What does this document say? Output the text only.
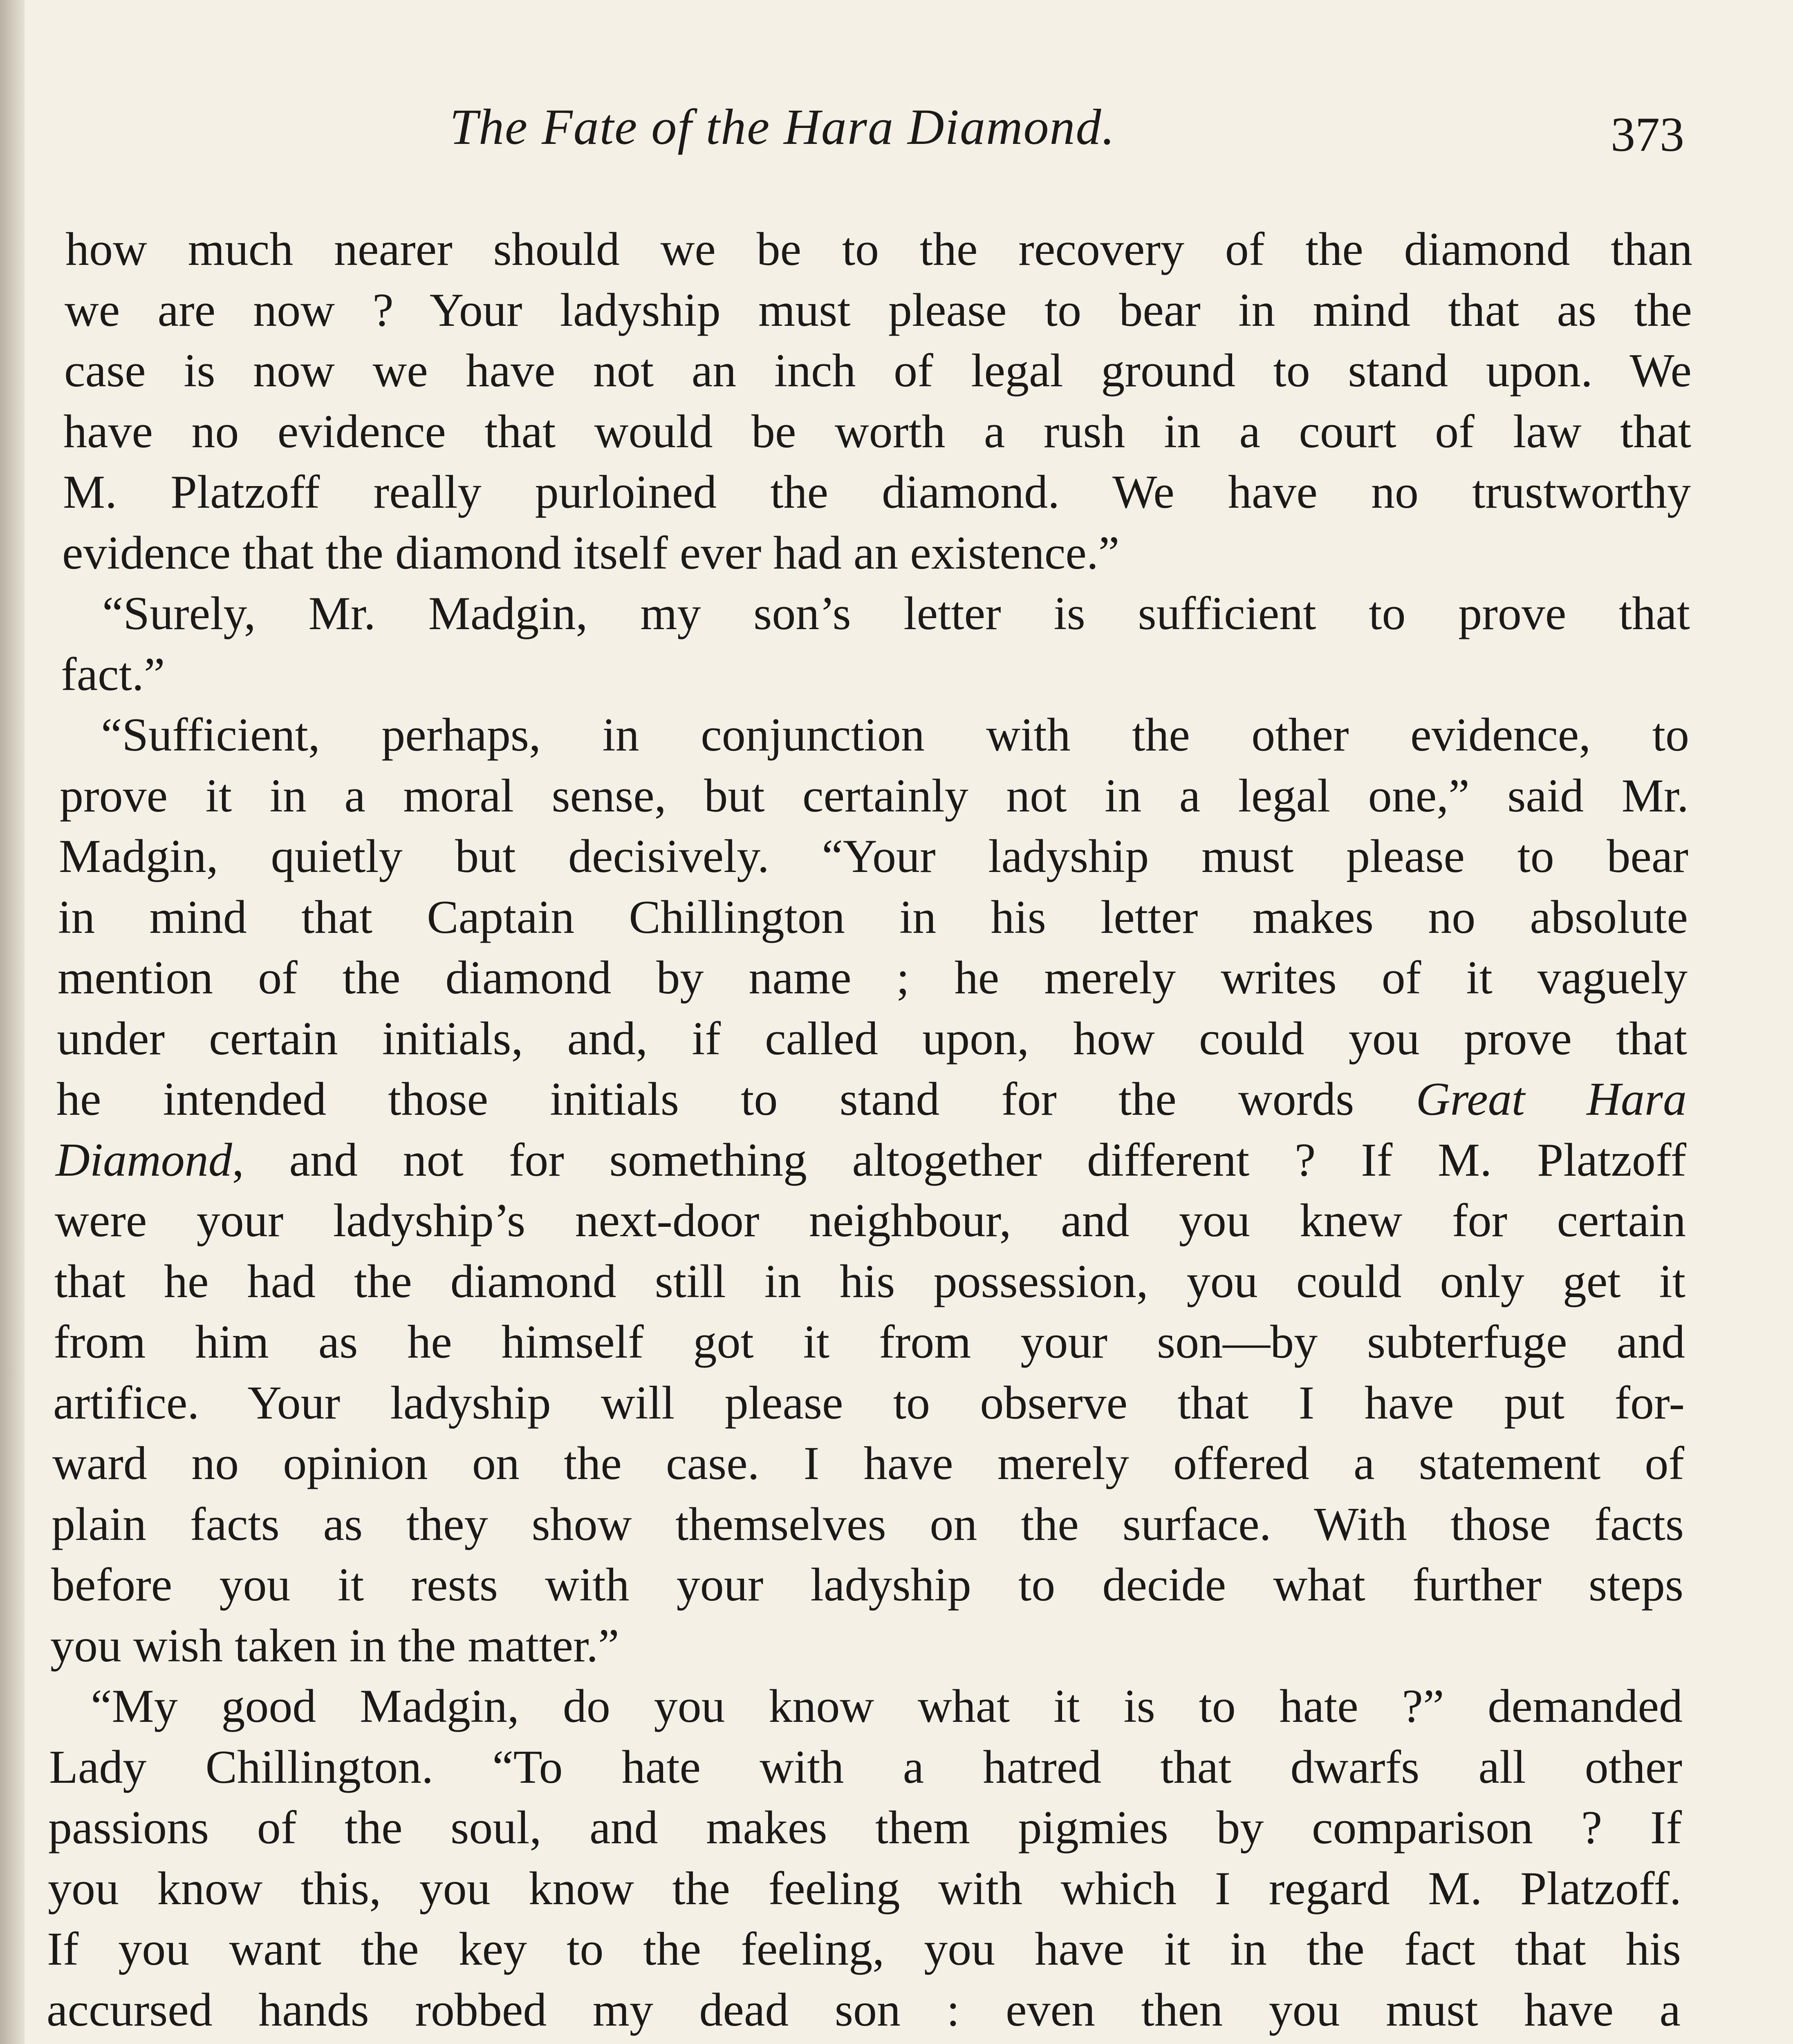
The Fate of the Hara Diamond.	373
how much nearer should we be to the recovery of the diamond than
we are now ? Your ladyship must please to bear in mind that as the
case is now we have not an inch of legal ground to stand upon. We
have no evidence that would be worth a rush in a court of law that
M. Platzoff really purloined the diamond. We have no trustworthy
evidence that the diamond itself ever had an existence.”
“Surely, Mr. Madgin, my son’s letter is sufficient to prove that
fact.”
“Sufficient, perhaps, in conjunction with the other evidence, to
prove it in a moral sense, but certainly not in a legal one,” said Mr.
Madgin, quietly but decisively. “Your ladyship must please to bear
in mind that Captain Chillington in his letter makes no absolute
mention of the diamond by name ; he merely writes of it vaguely
under certain initials, and, if called upon, how could you prove that
he intended those initials to stand for the words Great Hara
Diamond, and not for something altogether different ? If M. Platzoff
were your ladyship’s next-door neighbour, and you knew for certain
that he had the diamond still in his possession, you could only get it
from him as he himself got it from your son—by subterfuge and
artifice. Your ladyship will please to observe that I have put for-
ward no opinion on the case. I have merely offered a statement of
plain facts as they show themselves on the surface. With those facts
before you it rests with your ladyship to decide what further steps
you wish taken in the matter.”
“My good Madgin, do you know what it is to hate ?” demanded
Lady Chillington. “To hate with a hatred that dwarfs all other
passions of the soul, and makes them pigmies by comparison ? If
you know this, you know the feeling with which I regard M. Platzoff.
If you want the key to the feeling, you have it in the fact that his
accursed hands robbed my dead son : even then you must have a
